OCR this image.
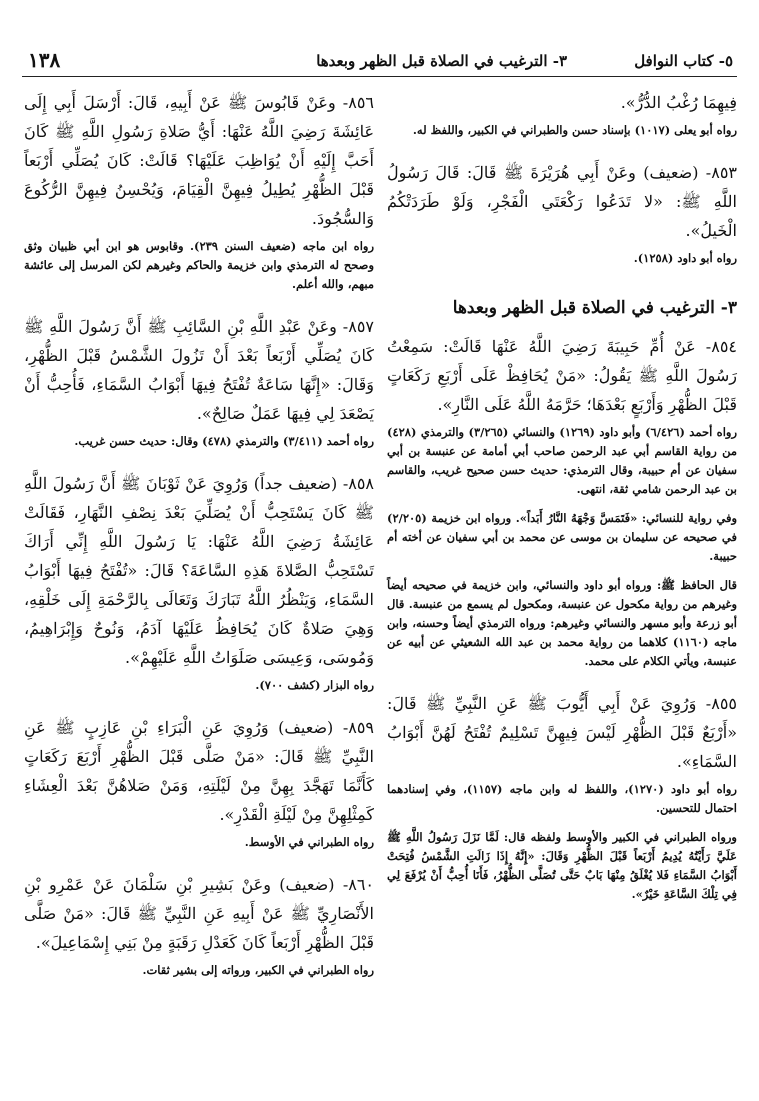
٥- كتاب النوافل
٣- الترغيب في الصلاة قبل الظهر وبعدها
١٣٨

فِيهِمَا رُغْبُ الدُّرُّ».

رواه أبو يعلى (١٠١٧) بإسناد حسن والطبراني في الكبير، واللفظ له.

٨٥٣- (ضعيف) وعَنْ أَبِي هُرَيْرَةَ ﷺ قَالَ: قَالَ رَسُولُ اللَّهِ ﷺ: «لا تَدَعُوا رَكْعَتَي الْفَجْرِ، وَلَوْ طَرَدَتْكُمُ الْخَيلُ».

رواه أبو داود (١٢٥٨).

٣- الترغيب في الصلاة قبل الظهر وبعدها

٨٥٤- عَنْ أُمِّ حَبِيبَةَ رَضِيَ اللَّهُ عَنْهَا قَالَتْ: سَمِعْتُ رَسُولَ اللَّهِ ﷺ يَقُولُ: «مَنْ يُحَافِظْ عَلَى أَرْبَعِ رَكَعَاتٍ قَبْلَ الظُّهْرِ وَأَرْبَعٍ بَعْدَهَا؛ حَرَّمَهُ اللَّهُ عَلَى النَّارِ».

رواه أحمد (٦/٤٢٦) وأبو داود (١٢٦٩) والنسائي (٣/٢٦٥) والترمذي (٤٢٨) من رواية القاسم أبي عبد الرحمن صاحب أبي أمامة عن عنبسة بن أبي سفيان عن أم حبيبة، وقال الترمذي: حديث حسن صحيح غريب، والقاسم بن عبد الرحمن شامي ثقة، انتهى.

وفي رواية للنسائي: «فَتَمَسَّ وَجْهَهُ النَّارُ أَبَداً». ورواه ابن خزيمة (٢/٢٠٥) في صحيحه عن سليمان بن موسى عن محمد بن أبي سفيان عن أخته أم حبيبة.

قال الحافظ ﷺ: ورواه أبو داود والنسائي، وابن خزيمة في صحيحه أيضاً وغيرهم من رواية مكحول عن عنبسة، ومكحول لم يسمع من عنبسة. قال أبو زرعة وأبو مسهر والنسائي وغيرهم: ورواه الترمذي أيضاً وحسنه، وابن ماجه (١١٦٠) كلاهما من رواية محمد بن عبد الله الشعيثي عن أبيه عن عنبسة، ويأتي الكلام على محمد.

٨٥٥- وَرُوِيَ عَنْ أَبِي أَيُّوبَ ﷺ عَنِ النَّبِيِّ ﷺ قَالَ: «أَرْبَعٌ قَبْلَ الظُّهْرِ لَيْسَ فِيهِنَّ تَسْلِيمٌ تُفْتَحُ لَهُنَّ أَبْوَابُ السَّمَاءِ».

رواه أبو داود (١٢٧٠)، واللفظ له وابن ماجه (١١٥٧)، وفي إسنادهما احتمال للتحسين.

ورواه الطبراني في الكبير والأوسط ولفظه قال: لَمَّا نَزَلَ رَسُولُ اللَّهِ ﷺ عَلَيَّ رَأَيْتُهُ يُدِيمُ أَرْبَعاً قَبْلَ الظُّهْرِ وَقَالَ: «إِنَّهُ إِذَا زَالَتِ الشَّمْسُ فُتِحَتْ أَبْوَابُ السَّمَاءِ فَلا يُغْلَقُ مِنْهَا بَابٌ حَتَّى تُصَلَّى الظُّهْرُ، فَأَنَا أُحِبُّ أَنْ يُرْفَعَ لِي فِي تِلْكَ السَّاعَةِ خَيْرٌ».

٨٥٦- وعَنْ قَابُوسَ ﷺ عَنْ أَبِيهِ، قَالَ: أَرْسَلَ أَبِي إِلَى عَائِشَةَ رَضِيَ اللَّهُ عَنْهَا: أَيُّ صَلاةِ رَسُولِ اللَّهِ ﷺ كَانَ أَحَبَّ إِلَيْهِ أَنْ يُوَاظِبَ عَلَيْهَا؟ قَالَتْ: كَانَ يُصَلِّي أَرْبَعاً قَبْلَ الظُّهْرِ يُطِيلُ فِيهِنَّ الْقِيَامَ، وَيُحْسِنُ فِيهِنَّ الرُّكُوعَ وَالسُّجُودَ.

رواه ابن ماجه (ضعيف السنن ٢٣٩). وقابوس هو ابن أبي ظبيان وثق وصحح له الترمذي وابن خزيمة والحاكم وغيرهم لكن المرسل إلى عائشة مبهم، والله أعلم.

٨٥٧- وعَنْ عَبْدِ اللَّهِ بْنِ السَّائِبِ ﷺ أَنَّ رَسُولَ اللَّهِ ﷺ كَانَ يُصَلِّي أَرْبَعاً بَعْدَ أَنْ تَزُولَ الشَّمْسُ قَبْلَ الظُّهْرِ، وَقَالَ: «إِنَّهَا سَاعَةٌ تُفْتَحُ فِيهَا أَبْوَابُ السَّمَاءِ، فَأُحِبُّ أَنْ يَصْعَدَ لِي فِيهَا عَمَلٌ صَالِحٌ».

رواه أحمد (٣/٤١١) والترمذي (٤٧٨) وقال: حديث حسن غريب.

٨٥٨- (ضعيف جداً) وَرُوِيَ عَنْ ثَوْبَانَ ﷺ أَنَّ رَسُولَ اللَّهِ ﷺ كَانَ يَسْتَحِبُّ أَنْ يُصَلِّيَ بَعْدَ نِصْفِ النَّهَارِ، فَقَالَتْ عَائِشَةُ رَضِيَ اللَّهُ عَنْهَا: يَا رَسُولَ اللَّهِ إِنِّي أَرَاكَ تَسْتَحِبُّ الصَّلاةَ هَذِهِ السَّاعَةَ؟ قَالَ: «تُفْتَحُ فِيهَا أَبْوَابُ السَّمَاءِ، وَيَنْظُرُ اللَّهُ تَبَارَكَ وَتَعَالَى بِالرَّحْمَةِ إِلَى خَلْقِهِ، وَهِيَ صَلاةٌ كَانَ يُحَافِظُ عَلَيْهَا آدَمُ، وَنُوحٌ وَإِبْرَاهِيمُ، وَمُوسَى، وَعِيسَى صَلَوَاتُ اللَّهِ عَلَيْهِمْ».

رواه البزار (كشف ٧٠٠).

٨٥٩- (ضعيف) وَرُوِيَ عَنِ الْبَرَاءِ بْنِ عَازِبٍ ﷺ عَنِ النَّبِيِّ ﷺ قَالَ: «مَنْ صَلَّى قَبْلَ الظُّهْرِ أَرْبَعَ رَكَعَاتٍ كَأَنَّمَا تَهَجَّدَ بِهِنَّ مِنْ لَيْلَتِهِ، وَمَنْ صَلاهُنَّ بَعْدَ الْعِشَاءِ كَمِثْلِهِنَّ مِنْ لَيْلَةِ الْقَدْرِ».

رواه الطبراني في الأوسط.

٨٦٠- (ضعيف) وعَنْ بَشِيرِ بْنِ سَلْمَانَ عَنْ عَمْرِو بْنِ الأَنْصَارِيِّ ﷺ عَنْ أَبِيهِ عَنِ النَّبِيِّ ﷺ قَالَ: «مَنْ صَلَّى قَبْلَ الظُّهْرِ أَرْبَعاً كَانَ كَعَدْلِ رَقَبَةٍ مِنْ بَنِي إِسْمَاعِيلَ».

رواه الطبراني في الكبير، ورواته إلى بشير ثقات.
